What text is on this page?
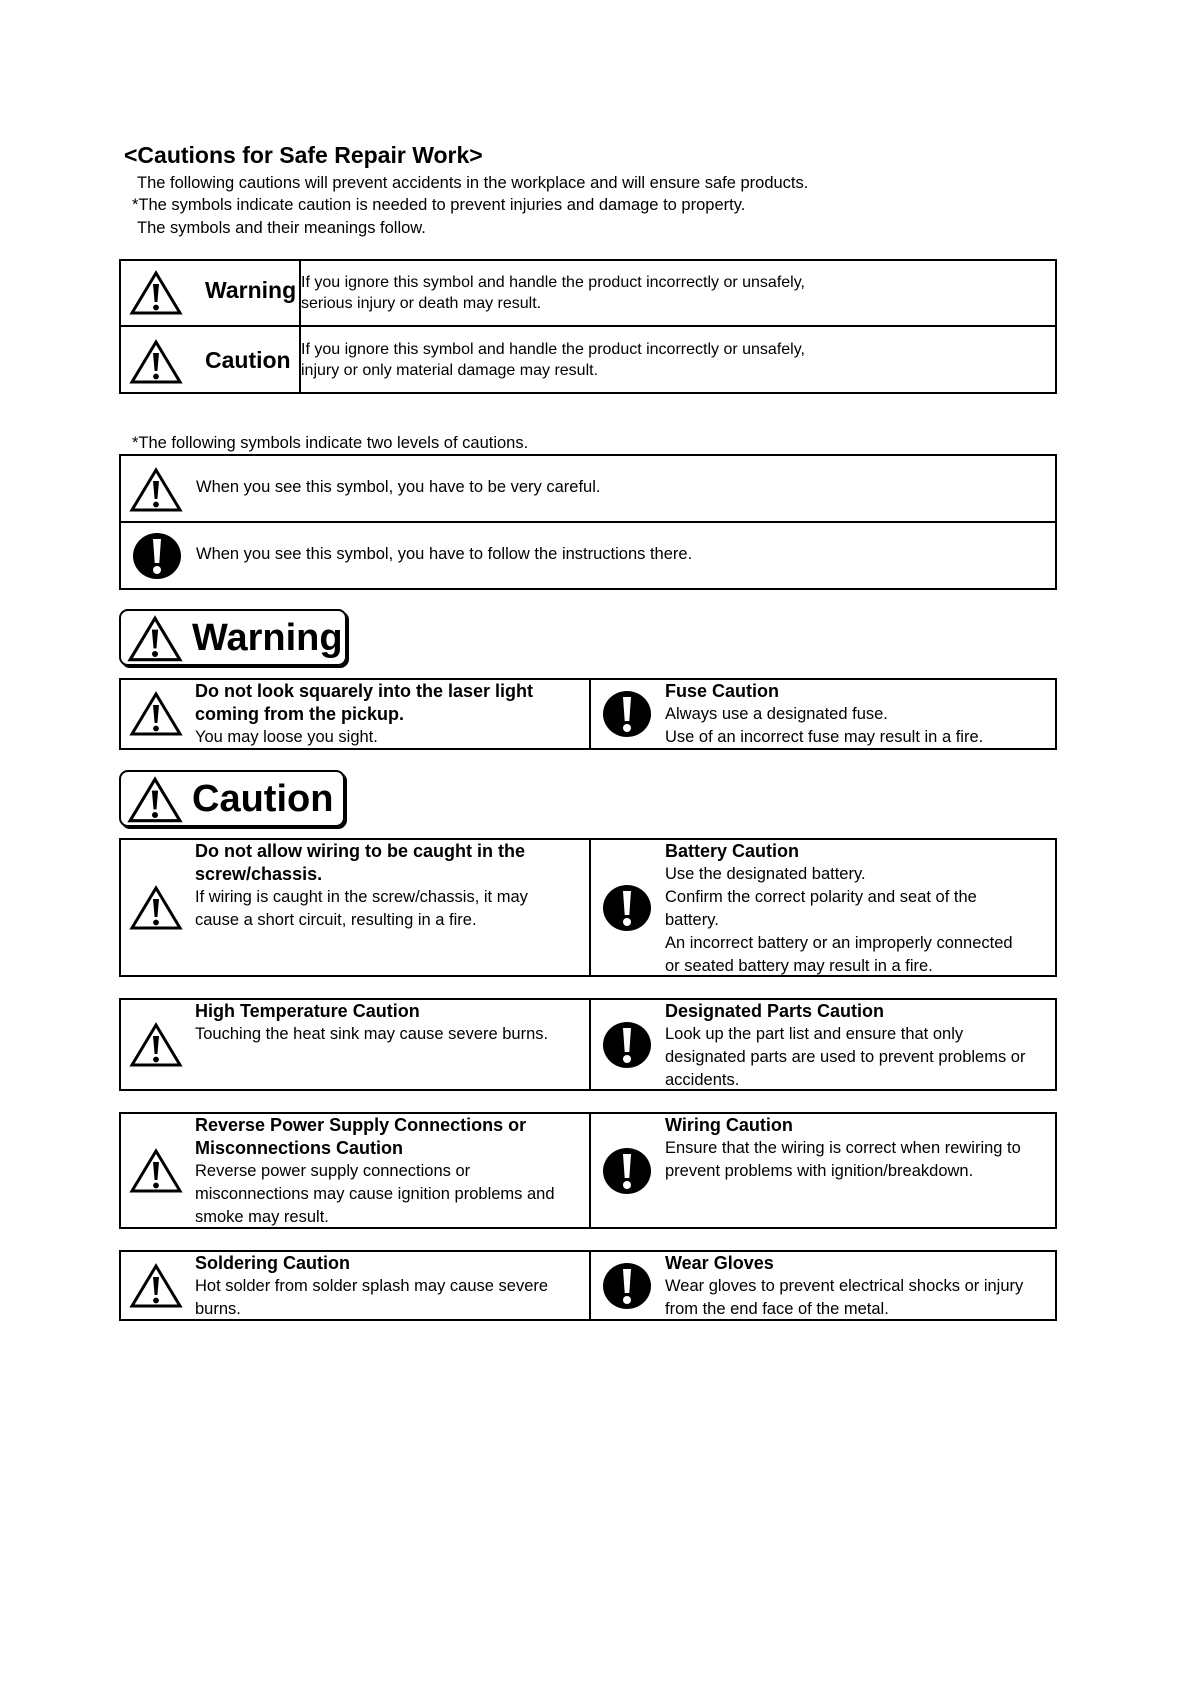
<Cautions for Safe Repair Work>
The following cautions will prevent accidents in the workplace and will ensure safe products.
*The symbols indicate caution is needed to prevent injuries and damage to property.
The symbols and their meanings follow.
Warning	If you ignore this symbol and handle the product incorrectly or unsafely,
serious injury or death may result.

Caution	If you ignore this symbol and handle the product incorrectly or unsafely,
injury or only material damage may result.
*The following symbols indicate two levels of cautions.
When you see this symbol, you have to be very careful.

When you see this symbol, you have to follow the instructions there.
Warning
Do not look squarely into the laser light
coming from the pickup.
You may loose you sight.

Fuse Caution
Always use a designated fuse.
Use of an incorrect fuse may result in a fire.
Caution
Do not allow wiring to be caught in the
screw/chassis.
If wiring is caught in the screw/chassis, it may
cause a short circuit, resulting in a fire.

Battery Caution
Use the designated battery.
Confirm the correct polarity and seat of the
battery.
An incorrect battery or an improperly connected
or seated battery may result in a fire.
High Temperature Caution
Touching the heat sink may cause severe burns.

Designated Parts Caution
Look up the part list and ensure that only
designated parts are used to prevent problems or
accidents.
Reverse Power Supply Connections or
Misconnections Caution
Reverse power supply connections or
misconnections may cause ignition problems and
smoke may result.

Wiring Caution
Ensure that the wiring is correct when rewiring to
prevent problems with ignition/breakdown.
Soldering Caution
Hot solder from solder splash may cause severe
burns.

Wear Gloves
Wear gloves to prevent electrical shocks or injury
from the end face of the metal.
